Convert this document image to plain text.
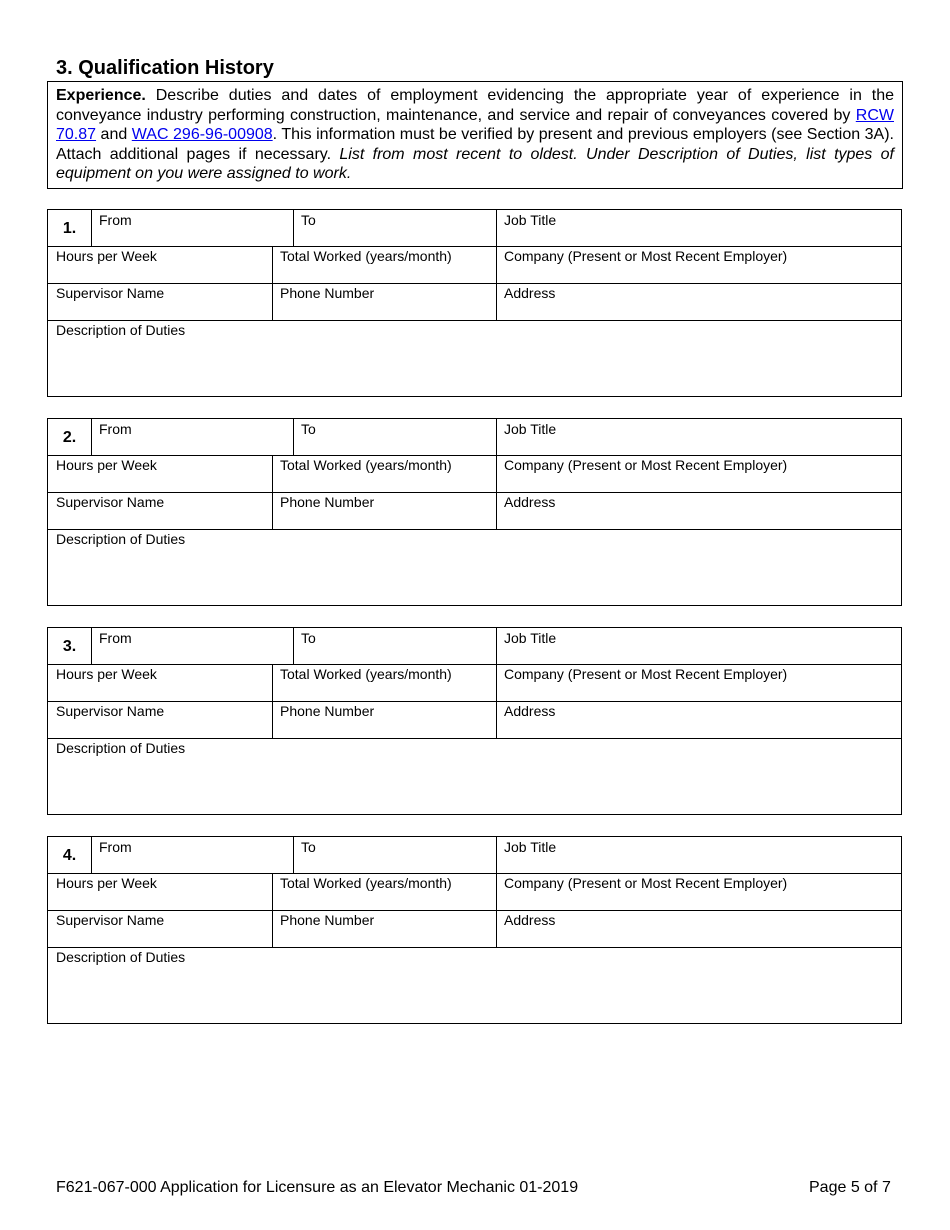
3. Qualification History
Experience. Describe duties and dates of employment evidencing the appropriate year of experience in the conveyance industry performing construction, maintenance, and service and repair of conveyances covered by RCW 70.87 and WAC 296-96-00908. This information must be verified by present and previous employers (see Section 3A). Attach additional pages if necessary. List from most recent to oldest. Under Description of Duties, list types of equipment on you were assigned to work.
1.	From	To	Job Title
Hours per Week	Total Worked (years/month)	Company (Present or Most Recent Employer)
Supervisor Name	Phone Number	Address
Description of Duties
2.	From	To	Job Title
Hours per Week	Total Worked (years/month)	Company (Present or Most Recent Employer)
Supervisor Name	Phone Number	Address
Description of Duties
3.	From	To	Job Title
Hours per Week	Total Worked (years/month)	Company (Present or Most Recent Employer)
Supervisor Name	Phone Number	Address
Description of Duties
4.	From	To	Job Title
Hours per Week	Total Worked (years/month)	Company (Present or Most Recent Employer)
Supervisor Name	Phone Number	Address
Description of Duties
F621-067-000 Application for Licensure as an Elevator Mechanic 01-2019	Page 5 of 7
